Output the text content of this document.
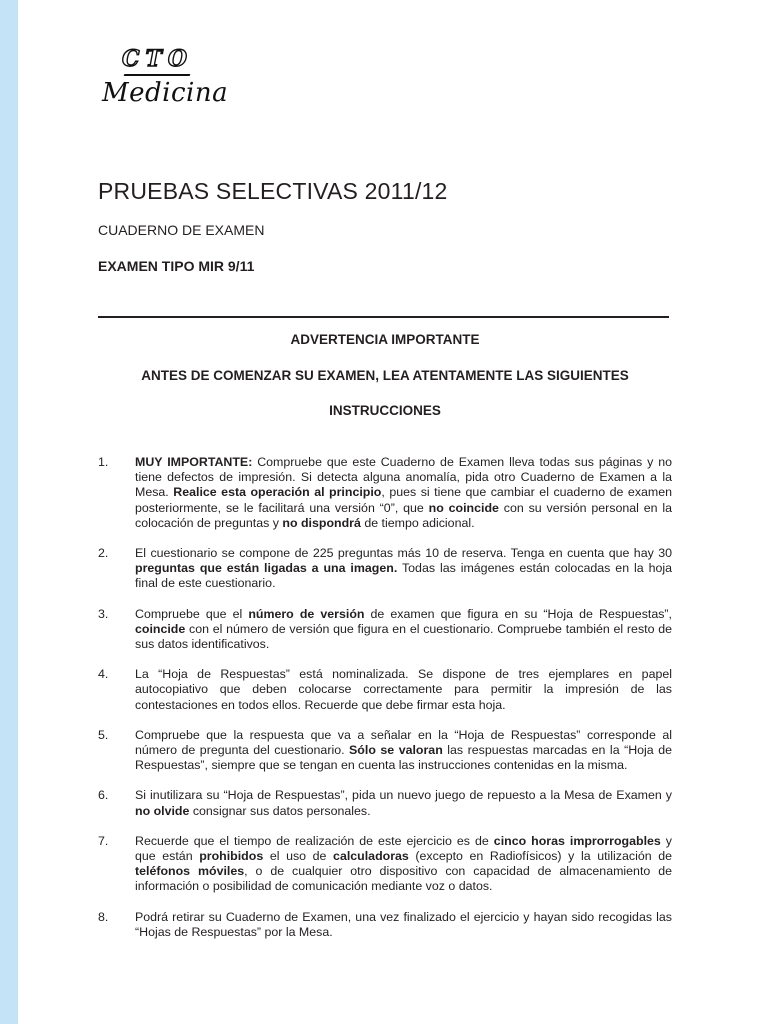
CTO
Medicina
PRUEBAS SELECTIVAS 2011/12

CUADERNO DE EXAMEN

EXAMEN TIPO MIR 9/11

ADVERTENCIA IMPORTANTE

ANTES DE COMENZAR SU EXAMEN, LEA ATENTAMENTE LAS SIGUIENTES

INSTRUCCIONES

1. MUY IMPORTANTE: Compruebe que este Cuaderno de Examen lleva todas sus páginas y no tiene defectos de impresión. Si detecta alguna anomalía, pida otro Cuaderno de Examen a la Mesa. Realice esta operación al principio, pues si tiene que cambiar el cuaderno de examen posteriormente, se le facilitará una versión “0”, que no coincide con su versión personal en la colocación de preguntas y no dispondrá de tiempo adicional.
2. El cuestionario se compone de 225 preguntas más 10 de reserva. Tenga en cuenta que hay 30 preguntas que están ligadas a una imagen. Todas las imágenes están colocadas en la hoja final de este cuestionario.
3. Compruebe que el número de versión de examen que figura en su “Hoja de Respuestas”, coincide con el número de versión que figura en el cuestionario. Compruebe también el resto de sus datos identificativos.
4. La “Hoja de Respuestas” está nominalizada. Se dispone de tres ejemplares en papel autocopiativo que deben colocarse correctamente para permitir la impresión de las contestaciones en todos ellos. Recuerde que debe firmar esta hoja.
5. Compruebe que la respuesta que va a señalar en la “Hoja de Respuestas” corresponde al número de pregunta del cuestionario. Sólo se valoran las respuestas marcadas en la “Hoja de Respuestas”, siempre que se tengan en cuenta las instrucciones contenidas en la misma.
6. Si inutilizara su “Hoja de Respuestas”, pida un nuevo juego de repuesto a la Mesa de Examen y no olvide consignar sus datos personales.
7. Recuerde que el tiempo de realización de este ejercicio es de cinco horas improrrogables y que están prohibidos el uso de calculadoras (excepto en Radiofísicos) y la utilización de teléfonos móviles, o de cualquier otro dispositivo con capacidad de almacenamiento de información o posibilidad de comunicación mediante voz o datos.
8. Podrá retirar su Cuaderno de Examen, una vez finalizado el ejercicio y hayan sido recogidas las “Hojas de Respuestas” por la Mesa.
